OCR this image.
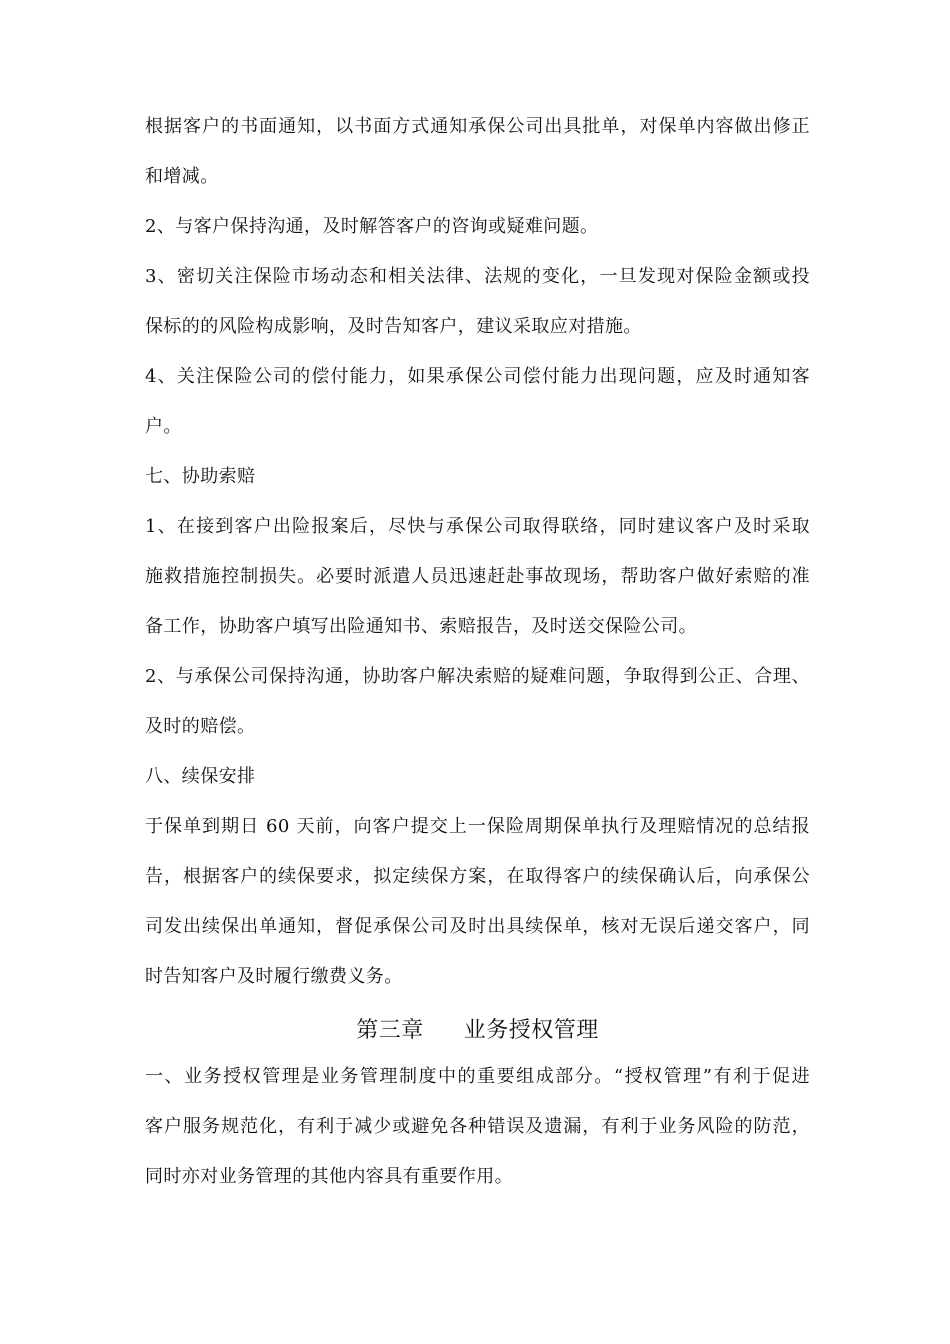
根据客户的书面通知，以书面方式通知承保公司出具批单，对保单内容做出修正
和增减。
2、与客户保持沟通，及时解答客户的咨询或疑难问题。
3、密切关注保险市场动态和相关法律、法规的变化，一旦发现对保险金额或投
保标的的风险构成影响，及时告知客户，建议采取应对措施。
4、关注保险公司的偿付能力，如果承保公司偿付能力出现问题，应及时通知客
户。
七、协助索赔
1、在接到客户出险报案后，尽快与承保公司取得联络，同时建议客户及时采取
施救措施控制损失。必要时派遣人员迅速赶赴事故现场，帮助客户做好索赔的准
备工作，协助客户填写出险通知书、索赔报告，及时送交保险公司。
2、与承保公司保持沟通，协助客户解决索赔的疑难问题，争取得到公正、合理、
及时的赔偿。
八、续保安排
于保单到期日 60 天前，向客户提交上一保险周期保单执行及理赔情况的总结报
告，根据客户的续保要求，拟定续保方案，在取得客户的续保确认后，向承保公
司发出续保出单通知，督促承保公司及时出具续保单，核对无误后递交客户，同
时告知客户及时履行缴费义务。
第三章 业务授权管理
一、业务授权管理是业务管理制度中的重要组成部分。“授权管理”有利于促进
客户服务规范化，有利于减少或避免各种错误及遗漏，有利于业务风险的防范，
同时亦对业务管理的其他内容具有重要作用。
